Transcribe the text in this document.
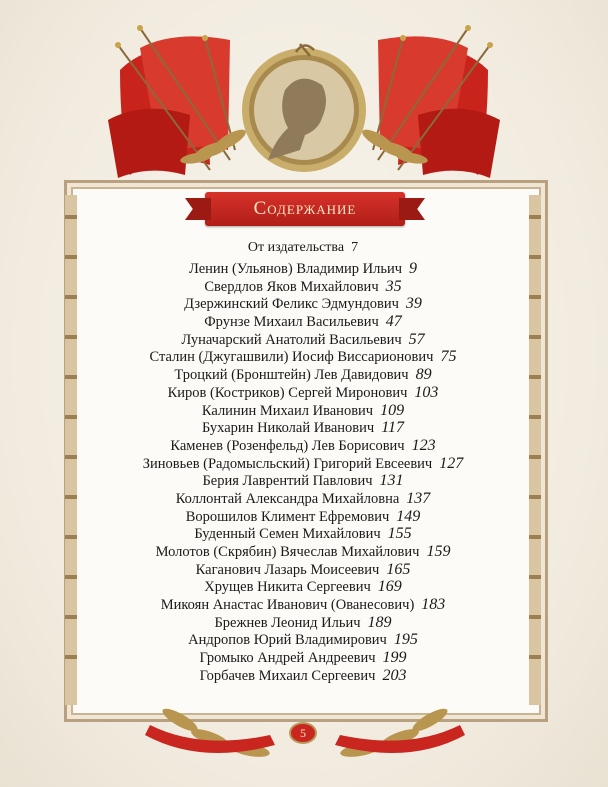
Содержание
От издательства 7
Ленин (Ульянов) Владимир Ильич 9
Свердлов Яков Михайлович 35
Дзержинский Феликс Эдмундович 39
Фрунзе Михаил Васильевич 47
Луначарский Анатолий Васильевич 57
Сталин (Джугашвили) Иосиф Виссарионович 75
Троцкий (Бронштейн) Лев Давидович 89
Киров (Костриков) Сергей Миронович 103
Калинин Михаил Иванович 109
Бухарин Николай Иванович 117
Каменев (Розенфельд) Лев Борисович 123
Зиновьев (Радомысльский) Григорий Евсеевич 127
Берия Лаврентий Павлович 131
Коллонтай Александра Михайловна 137
Ворошилов Климент Ефремович 149
Буденный Семен Михайлович 155
Молотов (Скрябин) Вячеслав Михайлович 159
Каганович Лазарь Моисеевич 165
Хрущев Никита Сергеевич 169
Микоян Анастас Иванович (Ованесович) 183
Брежнев Леонид Ильич 189
Андропов Юрий Владимирович 195
Громыко Андрей Андреевич 199
Горбачев Михаил Сергеевич 203
5
